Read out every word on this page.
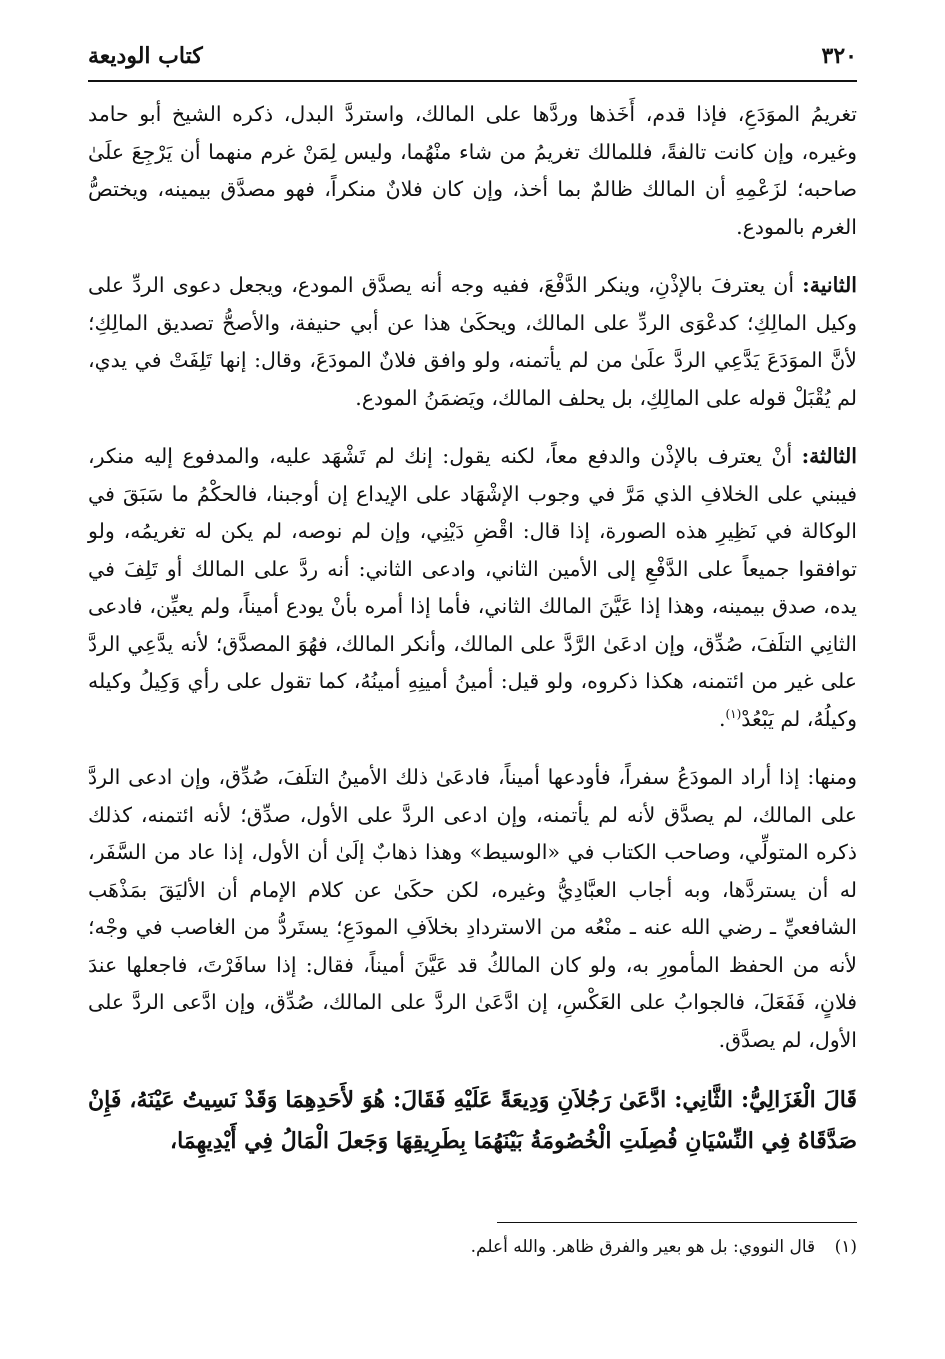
٣٢٠
كتاب الوديعة

تغريمُ الموَدَعِ، فإذا قدم، أَخَذها وردَّها على المالك، واستردَّ البدل، ذكره الشيخ أبو حامد وغيره، وإن كانت تالفةً، فللمالك تغريمُ من شاء منْهُما، وليس لِمَنْ غرم منهما أن يَرْجِعَ علَىٰ صاحبه؛ لزَعْمِهِ أن المالك ظالمٌ بما أخذ، وإن كان فلانٌ منكراً، فهو مصدَّق بيمينه، ويختصُّ الغرم بالمودع.

الثانية: أن يعترفَ بالإذْنِ، وينكر الدَّفْعَ، ففيه وجه أنه يصدَّق المودع، ويجعل دعوى الردِّ على وكيل المالِكِ؛ كدعْوَى الردِّ على المالك، ويحكَىٰ هذا عن أبي حنيفة، والأصحُّ تصديق المالِكِ؛ لأنَّ الموَدَعَ يَدَّعِي الردَّ علَىٰ من لم يأتمنه، ولو وافق فلانٌ المودَعَ، وقال: إنها تَلِفَتْ في يدي، لم يُقْبَلْ قوله على المالِكِ، بل يحلف المالك، ويَضمَنُ المودع.

الثالثة: أنْ يعترف بالإذْن والدفع معاً، لكنه يقول: إنك لم تَشْهَد عليه، والمدفوع إليه منكر، فيبني على الخلافِ الذي مَرَّ في وجوب الإشْهَاد على الإيداع إن أوجبنا، فالحكْمُ ما سَبَقَ في الوكالة في نَظِيرِ هذه الصورة، إذا قال: اقْضِ دَيْنِي، وإن لم نوصه، لم يكن له تغريمُه، ولو توافقوا جميعاً على الدَّفْعِ إلى الأمين الثاني، وادعى الثاني: أنه ردَّ على المالك أو تَلِفَ في يده، صدق بيمينه، وهذا إذا عَيَّنَ المالك الثاني، فأما إذا أمره بأنْ يودع أميناً، ولم يعيِّن، فادعى الثانِي التلَفَ، صُدِّق، وإن ادعَىٰ الرَّدَّ على المالك، وأنكر المالك، فهُوَ المصدَّق؛ لأنه يدَّعِي الردَّ على غير من ائتمنه، هكذا ذكروه، ولو قيل: أمينُ أمينِهِ أمينُهُ، كما تقول على رأي وَكِيلُ وكيله وكيلُهُ، لم يَبْعُدْ$^{(١)}$.

ومنها: إذا أراد المودَعُ سفراً، فأودعها أميناً، فادعَىٰ ذلك الأمينُ التلَفَ، صُدِّق، وإن ادعى الردَّ على المالك، لم يصدَّق لأنه لم يأتمنه، وإن ادعى الردَّ على الأول، صدِّق؛ لأنه ائتمنه، كذلك ذكره المتولِّي، وصاحب الكتاب في «الوسيط» وهذا ذهابٌ إلَىٰ أن الأول، إذا عاد من السَّفَر، له أن يستردَّها، وبه أجاب العبَّادِيُّ وغيره، لكن حكَىٰ عن كلام الإمام أن الأليَقَ بمَذْهَب الشافعيِّ ـ رضي الله عنه ـ منْعُه من الاستردادِ بخلاَفِ المودَعِ؛ يستَردُّ من الغاصب في وجْه؛ لأنه من الحفظ المأمورِ به، ولو كان المالكُ قد عَيَّنَ أميناً، فقال: إذا سافَرْتَ، فاجعلها عندَ فلانٍ، فَفَعَلَ، فالجوابُ على العَكْسِ، إن ادَّعَىٰ الردَّ على المالك، صُدِّق، وإن ادَّعى الردَّ على الأول، لم يصدَّق.

قَالَ الْغَزَالِيُّ: الثَّانِي: ادَّعَىٰ رَجُلاَنِ وَدِيعَةً عَلَيْهِ فَقَالَ: هُوَ لأَحَدِهِمَا وَقَدْ نَسِيتُ عَيْنَهُ، فَإِنْ صَدَّقَاهُ فِي النِّسْيَانِ فُصِلَتِ الْخُصُومَةُ بَيْنَهُمَا بِطَرِيقِهَا وَجَعلَ الْمَالُ فِي أَيْدِيهِمَا،

(١) قال النووي: بل هو بعير والفرق ظاهر. والله أعلم.
